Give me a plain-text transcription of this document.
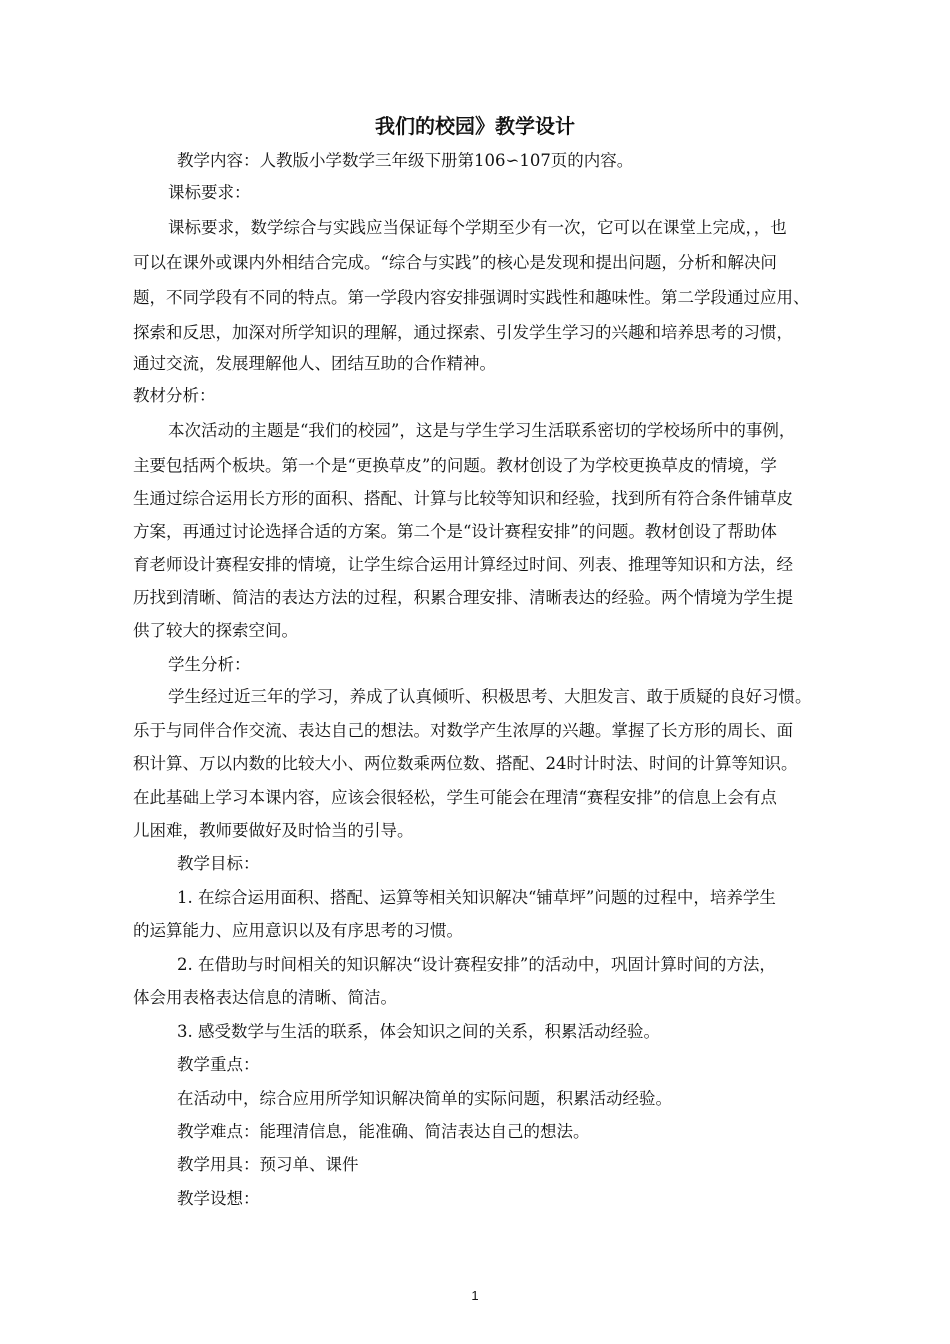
我们的校园》教学设计
教学内容：人教版小学数学三年级下册第106∽107页的内容。
课标要求：
课标要求，数学综合与实践应当保证每个学期至少有一次，它可以在课堂上完成，，也
可以在课外或课内外相结合完成。“综合与实践”的核心是发现和提出问题，分析和解决问
题，不同学段有不同的特点。第一学段内容安排强调时实践性和趣味性。第二学段通过应用、
探索和反思，加深对所学知识的理解，通过探索、引发学生学习的兴趣和培养思考的习惯，
通过交流，发展理解他人、团结互助的合作精神。
教材分析：
本次活动的主题是“我们的校园”，这是与学生学习生活联系密切的学校场所中的事例，
主要包括两个板块。第一个是“更换草皮”的问题。教材创设了为学校更换草皮的情境，学
生通过综合运用长方形的面积、搭配、计算与比较等知识和经验，找到所有符合条件铺草皮
方案，再通过讨论选择合适的方案。第二个是“设计赛程安排”的问题。教材创设了帮助体
育老师设计赛程安排的情境，让学生综合运用计算经过时间、列表、推理等知识和方法，经
历找到清晰、简洁的表达方法的过程，积累合理安排、清晰表达的经验。两个情境为学生提
供了较大的探索空间。
学生分析：
学生经过近三年的学习，养成了认真倾听、积极思考、大胆发言、敢于质疑的良好习惯。
乐于与同伴合作交流、表达自己的想法。对数学产生浓厚的兴趣。掌握了长方形的周长、面
积计算、万以内数的比较大小、两位数乘两位数、搭配、24时计时法、时间的计算等知识。
在此基础上学习本课内容，应该会很轻松，学生可能会在理清“赛程安排”的信息上会有点
儿困难，教师要做好及时恰当的引导。
教学目标：
1. 在综合运用面积、搭配、运算等相关知识解决“铺草坪”问题的过程中，培养学生
的运算能力、应用意识以及有序思考的习惯。
2. 在借助与时间相关的知识解决“设计赛程安排”的活动中，巩固计算时间的方法，
体会用表格表达信息的清晰、简洁。
3. 感受数学与生活的联系，体会知识之间的关系，积累活动经验。
教学重点：
在活动中，综合应用所学知识解决简单的实际问题，积累活动经验。
教学难点：能理清信息，能准确、简洁表达自己的想法。
教学用具：预习单、课件
教学设想：
1
